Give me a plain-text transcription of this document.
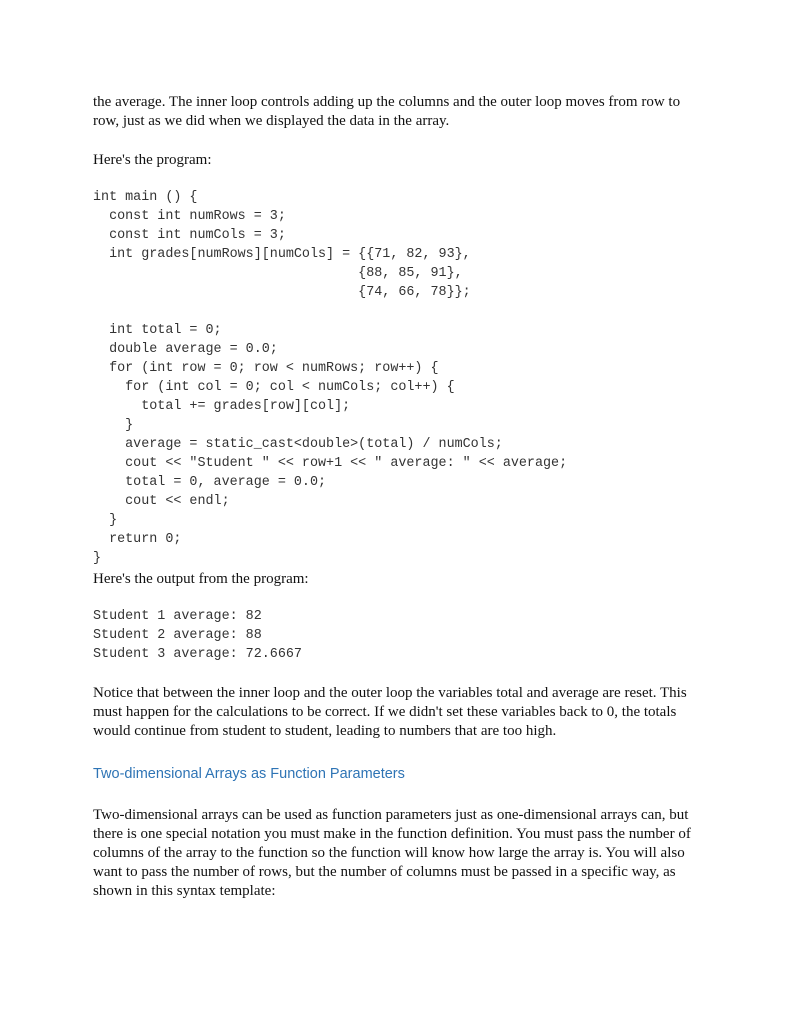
the average. The inner loop controls adding up the columns and the outer loop moves from row to row, just as we did when we displayed the data in the array.

Here's the program:

int main () {
const int numRows = 3;
const int numCols = 3;
int grades[numRows][numCols] = {{71, 82, 93},
{88, 85, 91},
{74, 66, 78}};

int total = 0;
double average = 0.0;
for (int row = 0; row < numRows; row++) {
for (int col = 0; col < numCols; col++) {
total += grades[row][col];
}
average = static_cast<double>(total) / numCols;
cout << "Student " << row+1 << " average: " << average;
total = 0, average = 0.0;
cout << endl;
}
return 0;
}

Here's the output from the program:

Student 1 average: 82
Student 2 average: 88
Student 3 average: 72.6667

Notice that between the inner loop and the outer loop the variables total and average are reset. This must happen for the calculations to be correct. If we didn't set these variables back to 0, the totals would continue from student to student, leading to numbers that are too high.

Two-dimensional Arrays as Function Parameters

Two-dimensional arrays can be used as function parameters just as one-dimensional arrays can, but there is one special notation you must make in the function definition. You must pass the number of columns of the array to the function so the function will know how large the array is. You will also want to pass the number of rows, but the number of columns must be passed in a specific way, as shown in this syntax template:
